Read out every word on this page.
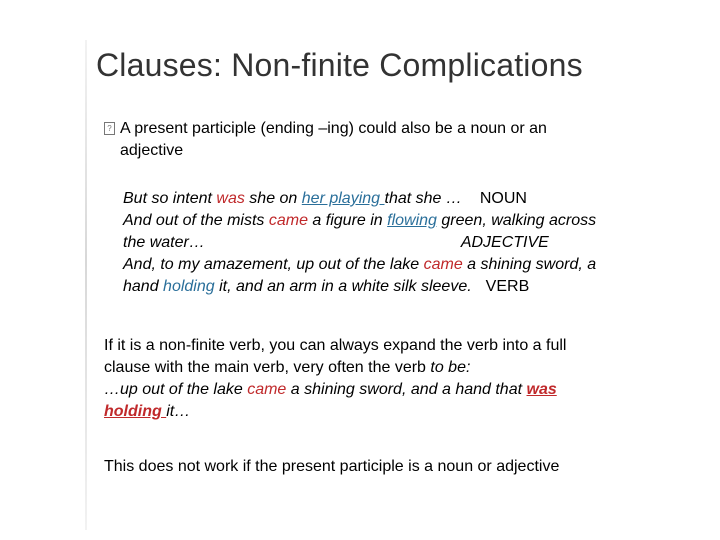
Clauses: Non-finite Complications
? A present participle (ending –ing) could also be a noun or an
adjective
But so intent was she on her playing that she … NOUN
And out of the mists came a figure in flowing green, walking across
the water…	ADJECTIVE
And, to my amazement, up out of the lake came a shining sword, a
hand holding it, and an arm in a white silk sleeve. VERB
If it is a non-finite verb, you can always expand the verb into a full
clause with the main verb, very often the verb to be:
…up out of the lake came a shining sword, and a hand that was
holding it…
This does not work if the present participle is a noun or adjective
